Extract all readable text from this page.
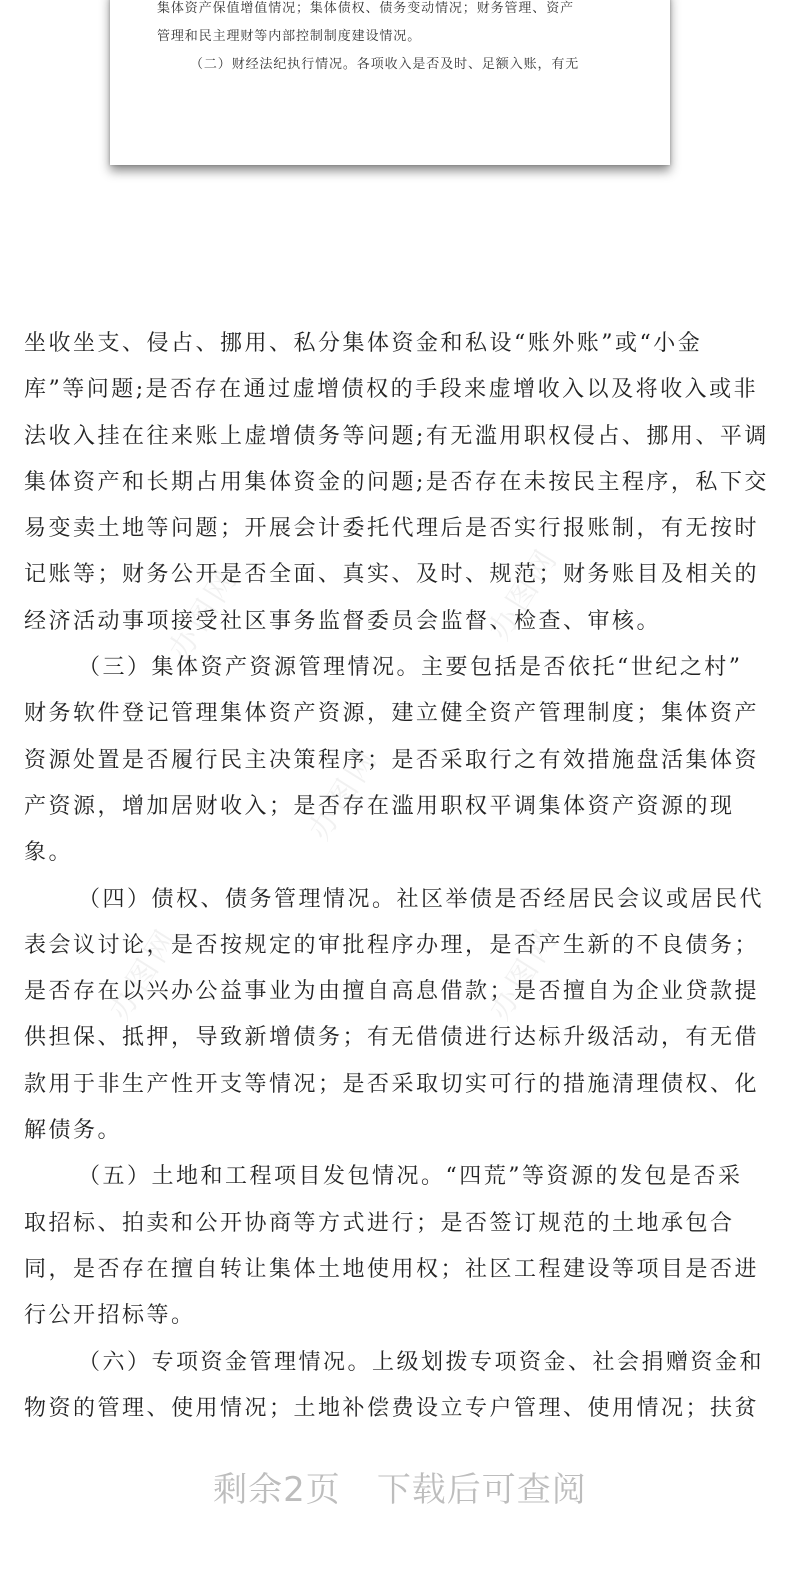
集体资产保值增值情况；集体债权、债务变动情况；财务管理、资产
管理和民主理财等内部控制制度建设情况。
（二）财经法纪执行情况。各项收入是否及时、足额入账，有无
办图网	办图网
办图网
办图网	办图网
坐收坐支、侵占、挪用、私分集体资金和私设“账外账”或“小金
库”等问题;是否存在通过虚增债权的手段来虚增收入以及将收入或非
法收入挂在往来账上虚增债务等问题;有无滥用职权侵占、挪用、平调
集体资产和长期占用集体资金的问题;是否存在未按民主程序，私下交
易变卖土地等问题；开展会计委托代理后是否实行报账制，有无按时
记账等；财务公开是否全面、真实、及时、规范；财务账目及相关的
经济活动事项接受社区事务监督委员会监督、检查、审核。
（三）集体资产资源管理情况。主要包括是否依托“世纪之村”
财务软件登记管理集体资产资源，建立健全资产管理制度；集体资产
资源处置是否履行民主决策程序；是否采取行之有效措施盘活集体资
产资源，增加居财收入；是否存在滥用职权平调集体资产资源的现
象。
（四）债权、债务管理情况。社区举债是否经居民会议或居民代
表会议讨论，是否按规定的审批程序办理，是否产生新的不良债务；
是否存在以兴办公益事业为由擅自高息借款；是否擅自为企业贷款提
供担保、抵押，导致新增债务；有无借债进行达标升级活动，有无借
款用于非生产性开支等情况；是否采取切实可行的措施清理债权、化
解债务。
（五）土地和工程项目发包情况。“四荒”等资源的发包是否采
取招标、拍卖和公开协商等方式进行；是否签订规范的土地承包合
同，是否存在擅自转让集体土地使用权；社区工程建设等项目是否进
行公开招标等。
（六）专项资金管理情况。上级划拨专项资金、社会捐赠资金和
物资的管理、使用情况；土地补偿费设立专户管理、使用情况；扶贫
剩余2页 下载后可查阅
